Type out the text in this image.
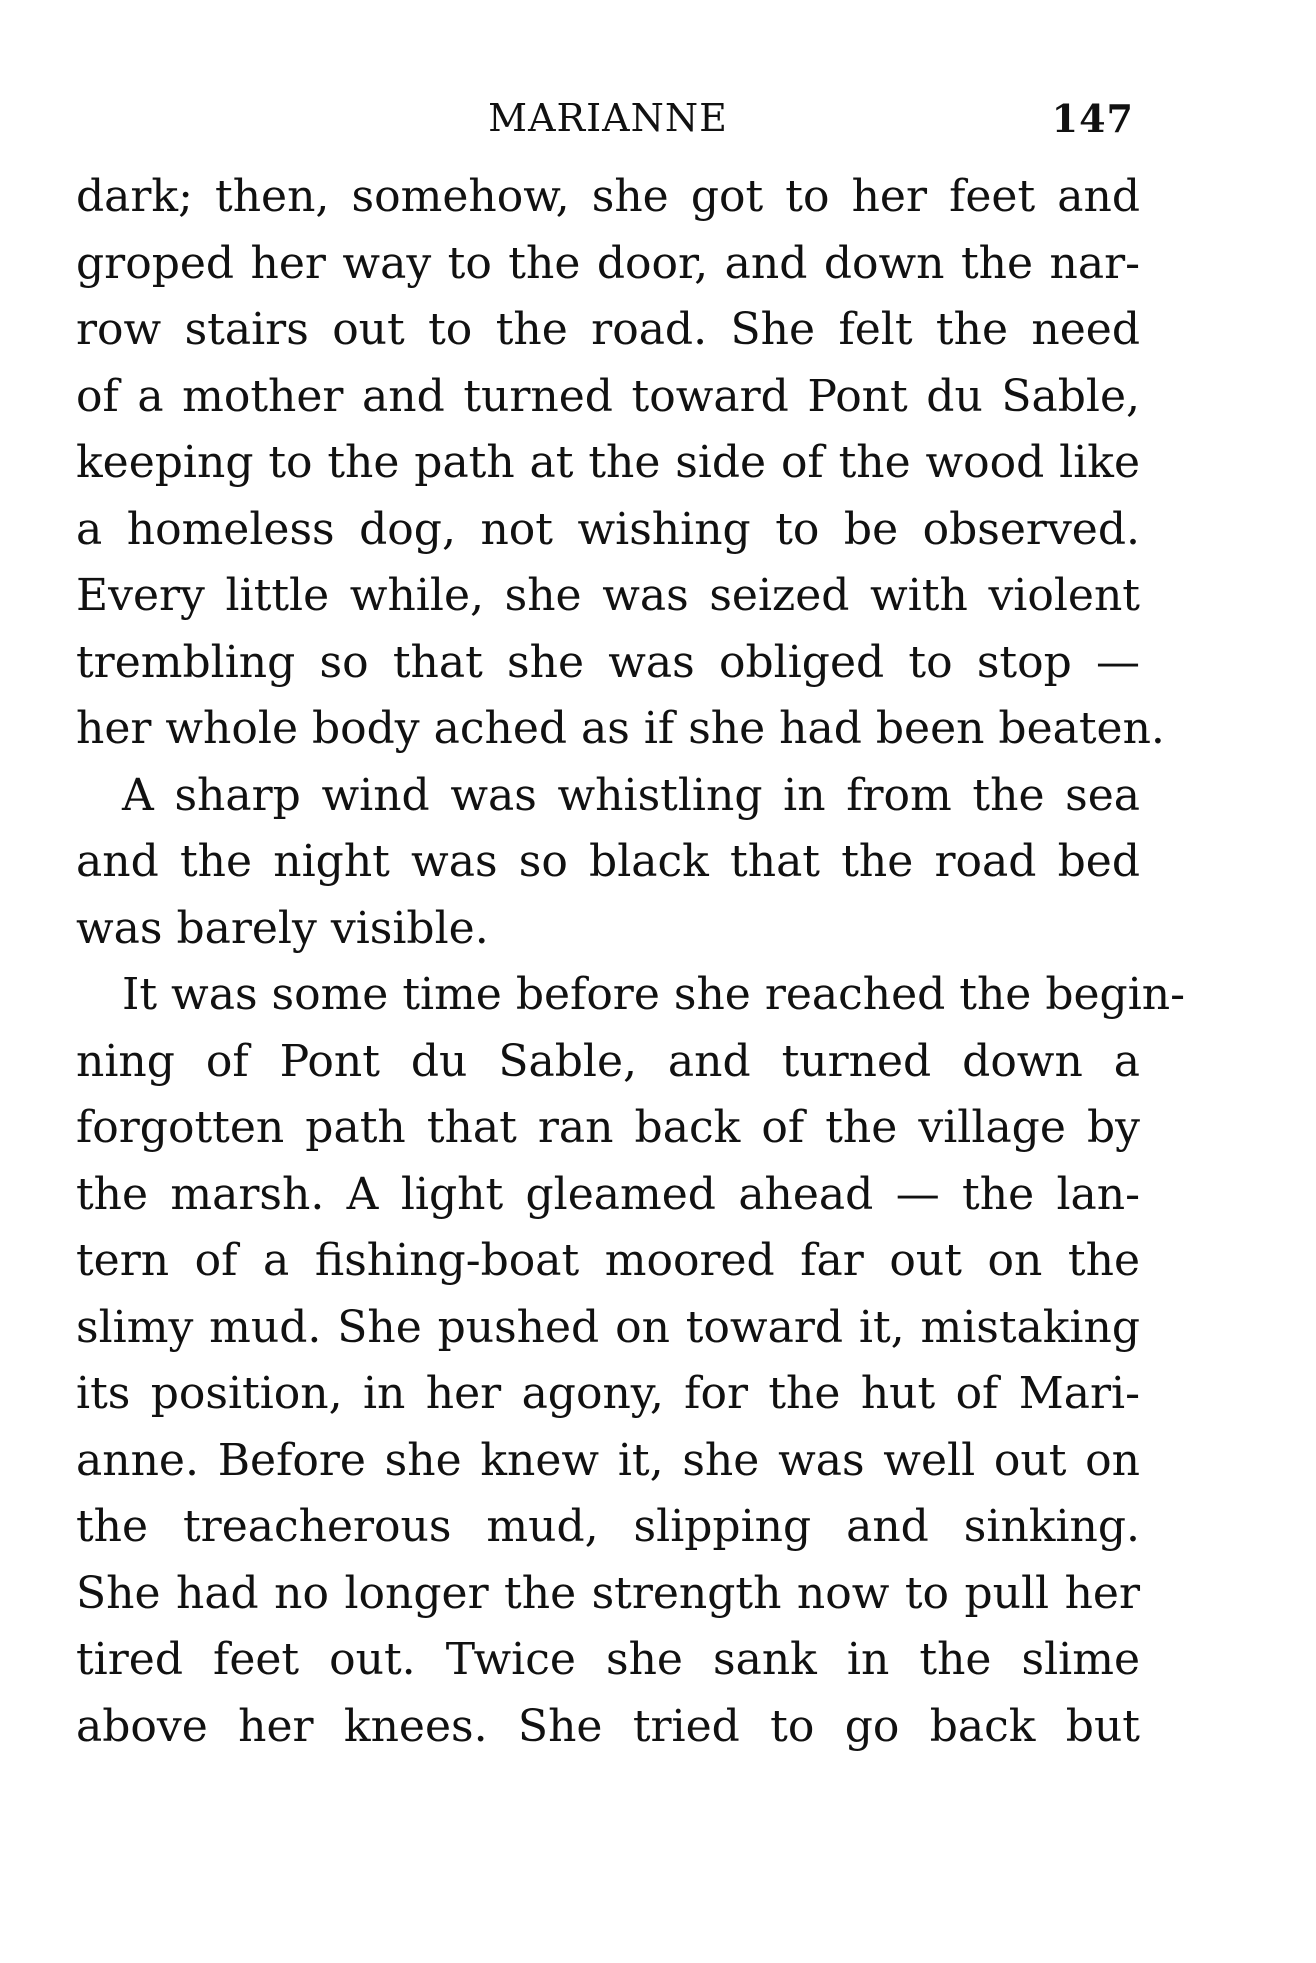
MARIANNE	147
dark; then, somehow, she got to her feet and
groped her way to the door, and down the nar-
row stairs out to the road. She felt the need
of a mother and turned toward Pont du Sable,
keeping to the path at the side of the wood like
a homeless dog, not wishing to be observed.
Every little while, she was seized with violent
trembling so that she was obliged to stop —
her whole body ached as if she had been beaten.
A sharp wind was whistling in from the sea
and the night was so black that the road bed
was barely visible.
It was some time before she reached the begin-
ning of Pont du Sable, and turned down a
forgotten path that ran back of the village by
the marsh. A light gleamed ahead — the lan-
tern of a fishing-boat moored far out on the
slimy mud. She pushed on toward it, mistaking
its position, in her agony, for the hut of Mari-
anne. Before she knew it, she was well out on
the treacherous mud, slipping and sinking.
She had no longer the strength now to pull her
tired feet out. Twice she sank in the slime
above her knees. She tried to go back but
